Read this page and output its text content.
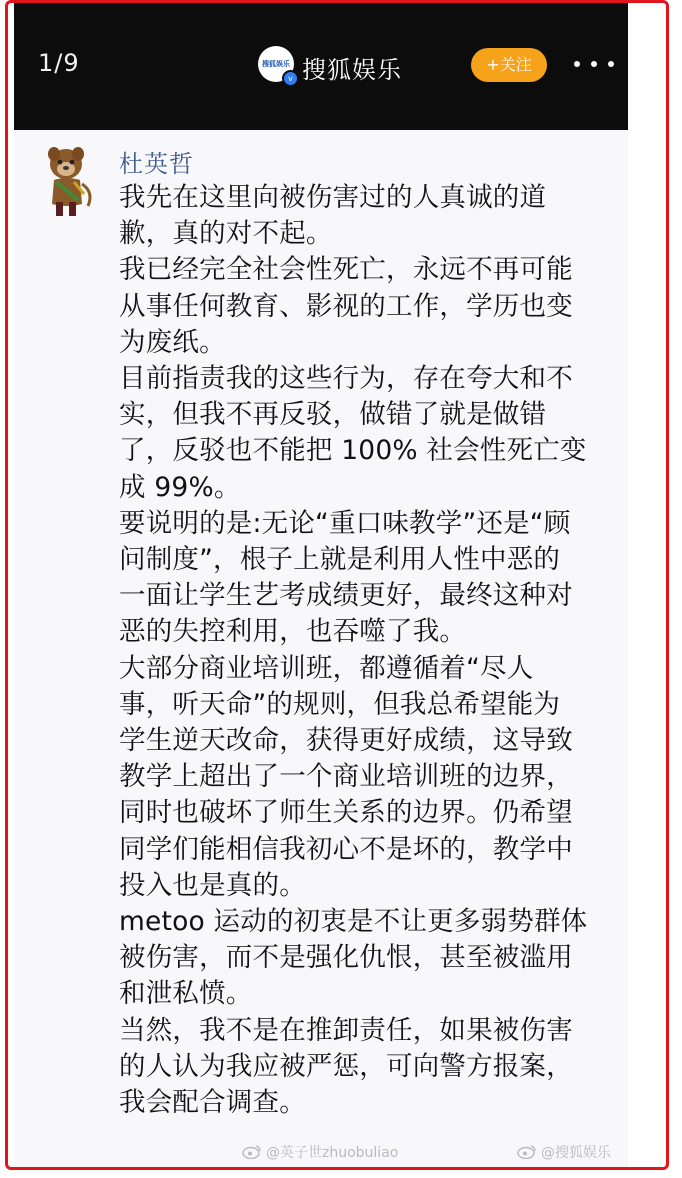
1/9	搜狐娱乐
v 搜狐娱乐	+关注
杜英哲

我先在这里向被伤害过的人真诚的道
歉，真的对不起。

我已经完全社会性死亡，永远不再可能
从事任何教育、影视的工作，学历也变
为废纸。

目前指责我的这些行为，存在夸大和不
实，但我不再反驳，做错了就是做错
了，反驳也不能把 100% 社会性死亡变
成 99%。

要说明的是:无论“重口味教学”还是“顾
问制度”，根子上就是利用人性中恶的
一面让学生艺考成绩更好，最终这种对
恶的失控利用，也吞噬了我。

大部分商业培训班，都遵循着“尽人
事，听天命”的规则，但我总希望能为
学生逆天改命，获得更好成绩，这导致
教学上超出了一个商业培训班的边界，
同时也破坏了师生关系的边界。仍希望
同学们能相信我初心不是坏的，教学中
投入也是真的。

metoo 运动的初衷是不让更多弱势群体
被伤害，而不是强化仇恨，甚至被滥用
和泄私愤。

当然，我不是在推卸责任，如果被伤害
的人认为我应被严惩，可向警方报案，
我会配合调查。

@英子世zhuobuliao	@搜狐娱乐
